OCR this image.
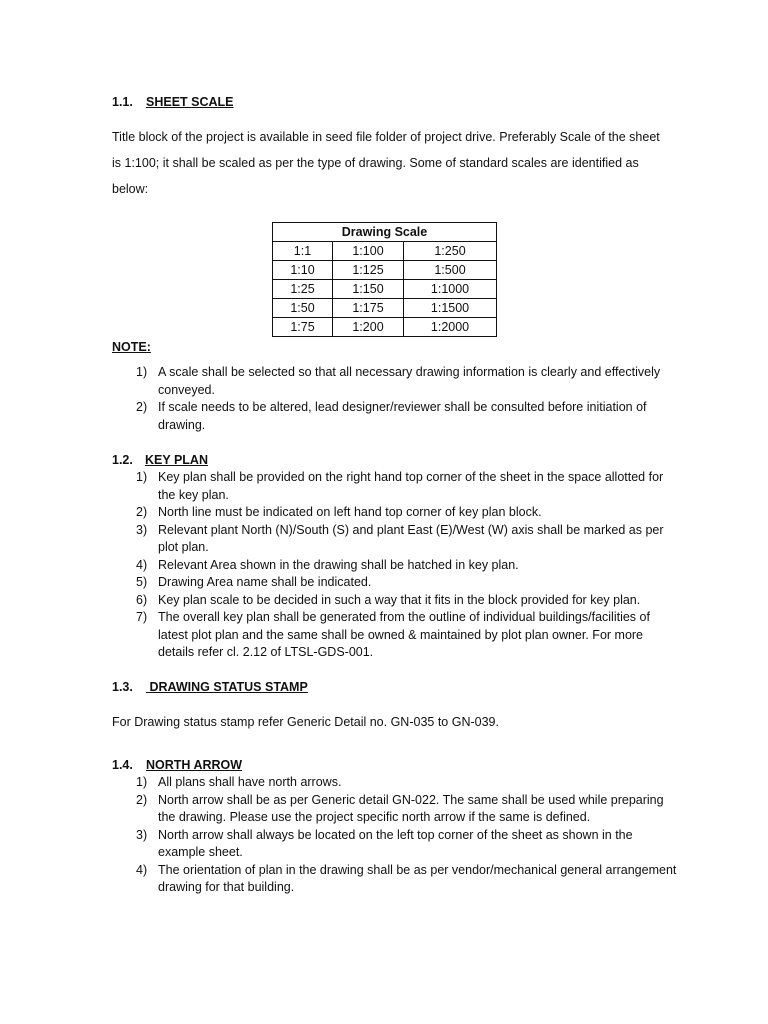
1.1. SHEET SCALE
Title block of the project is available in seed file folder of project drive. Preferably Scale of the sheet
is 1:100; it shall be scaled as per the type of drawing. Some of standard scales are identified as
below:
Drawing Scale		
1:1	1:100	1:250
1:10	1:125	1:500
1:25	1:150	1:1000
1:50	1:175	1:1500
1:75	1:200	1:2000
NOTE:
1) A scale shall be selected so that all necessary drawing information is clearly and effectively conveyed.
2) If scale needs to be altered, lead designer/reviewer shall be consulted before initiation of drawing.
1.2. KEY PLAN
1) Key plan shall be provided on the right hand top corner of the sheet in the space allotted for the key plan.
2) North line must be indicated on left hand top corner of key plan block.
3) Relevant plant North (N)/South (S) and plant East (E)/West (W) axis shall be marked as per plot plan.
4) Relevant Area shown in the drawing shall be hatched in key plan.
5) Drawing Area name shall be indicated.
6) Key plan scale to be decided in such a way that it fits in the block provided for key plan.
7) The overall key plan shall be generated from the outline of individual buildings/facilities of latest plot plan and the same shall be owned & maintained by plot plan owner. For more details refer cl. 2.12 of LTSL-GDS-001.
1.3. DRAWING STATUS STAMP
For Drawing status stamp refer Generic Detail no. GN-035 to GN-039.
1.4. NORTH ARROW
1) All plans shall have north arrows.
2) North arrow shall be as per Generic detail GN-022. The same shall be used while preparing the drawing. Please use the project specific north arrow if the same is defined.
3) North arrow shall always be located on the left top corner of the sheet as shown in the example sheet.
4) The orientation of plan in the drawing shall be as per vendor/mechanical general arrangement drawing for that building.
